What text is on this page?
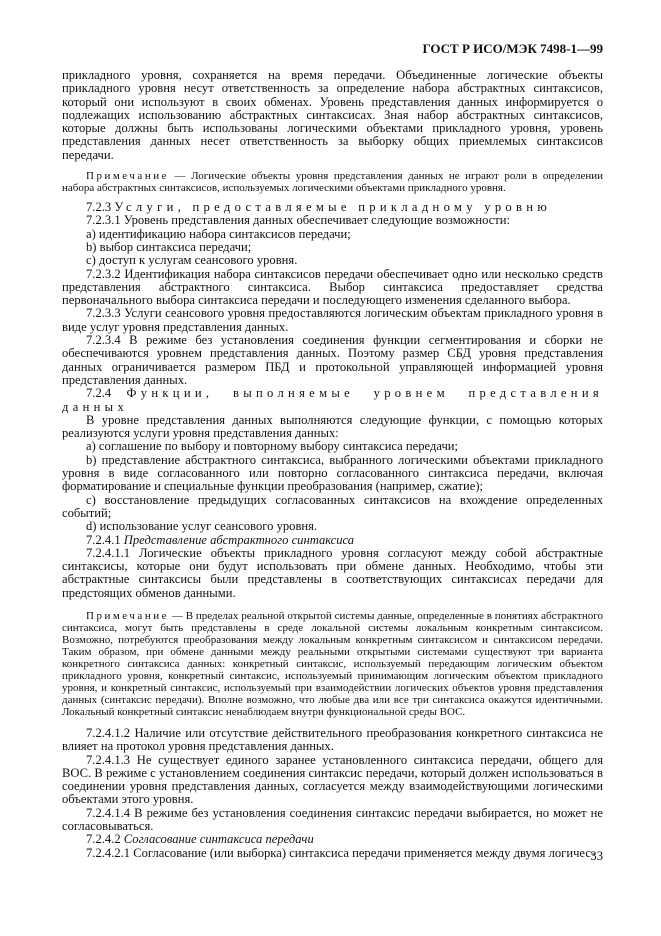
ГОСТ Р ИСО/МЭК 7498-1—99

прикладного уровня, сохраняется на время передачи. Объединенные логические объекты прикладного уровня несут ответственность за определение набора абстрактных синтаксисов, который они используют в своих обменах. Уровень представления данных информируется о подлежащих использованию абстрактных синтаксисах. Зная набор абстрактных синтаксисов, которые должны быть использованы логическими объектами прикладного уровня, уровень представления данных несет ответственность за выборку общих приемлемых синтаксисов передачи.

Примечание — Логические объекты уровня представления данных не играют роли в определении набора абстрактных синтаксисов, используемых логическими объектами прикладного уровня.

7.2.3 Услуги, предоставляемые прикладному уровню

7.2.3.1 Уровень представления данных обеспечивает следующие возможности:

a) идентификацию набора синтаксисов передачи;

b) выбор синтаксиса передачи;

c) доступ к услугам сеансового уровня.

7.2.3.2 Идентификация набора синтаксисов передачи обеспечивает одно или несколько средств представления абстрактного синтаксиса. Выбор синтаксиса предоставляет средства первоначального выбора синтаксиса передачи и последующего изменения сделанного выбора.

7.2.3.3 Услуги сеансового уровня предоставляются логическим объектам прикладного уровня в виде услуг уровня представления данных.

7.2.3.4 В режиме без установления соединения функции сегментирования и сборки не обеспечиваются уровнем представления данных. Поэтому размер СБД уровня представления данных ограничивается размером ПБД и протокольной управляющей информацией уровня представления данных.

7.2.4 Функции, выполняемые уровнем представления данных

В уровне представления данных выполняются следующие функции, с помощью которых реализуются услуги уровня представления данных:

a) соглашение по выбору и повторному выбору синтаксиса передачи;

b) представление абстрактного синтаксиса, выбранного логическими объектами прикладного уровня в виде согласованного или повторно согласованного синтаксиса передачи, включая форматирование и специальные функции преобразования (например, сжатие);

c) восстановление предыдущих согласованных синтаксисов на вхождение определенных событий;

d) использование услуг сеансового уровня.

7.2.4.1 Представление абстрактного синтаксиса

7.2.4.1.1 Логические объекты прикладного уровня согласуют между собой абстрактные синтаксисы, которые они будут использовать при обмене данных. Необходимо, чтобы эти абстрактные синтаксисы были представлены в соответствующих синтаксисах передачи для предстоящих обменов данными.

Примечание — В пределах реальной открытой системы данные, определенные в понятиях абстрактного синтаксиса, могут быть представлены в среде локальной системы локальным конкретным синтаксисом. Возможно, потребуются преобразования между локальным конкретным синтаксисом и синтаксисом передачи. Таким образом, при обмене данными между реальными открытыми системами существуют три варианта конкретного синтаксиса данных: конкретный синтаксис, используемый передающим логическим объектом прикладного уровня, конкретный синтаксис, используемый принимающим логическим объектом прикладного уровня, и конкретный синтаксис, используемый при взаимодействии логических объектов уровня представления данных (синтаксис передачи). Вполне возможно, что любые два или все три синтаксиса окажутся идентичными. Локальный конкретный синтаксис ненаблюдаем внутри функциональной среды ВОС.

7.2.4.1.2 Наличие или отсутствие действительного преобразования конкретного синтаксиса не влияет на протокол уровня представления данных.

7.2.4.1.3 Не существует единого заранее установленного синтаксиса передачи, общего для ВОС. В режиме с установлением соединения синтаксис передачи, который должен использоваться в соединении уровня представления данных, согласуется между взаимодействующими логическими объектами этого уровня.

7.2.4.1.4 В режиме без установления соединения синтаксис передачи выбирается, но может не согласовываться.

7.2.4.2 Согласование синтаксиса передачи

7.2.4.2.1 Согласование (или выборка) синтаксиса передачи применяется между двумя логичес-

33
